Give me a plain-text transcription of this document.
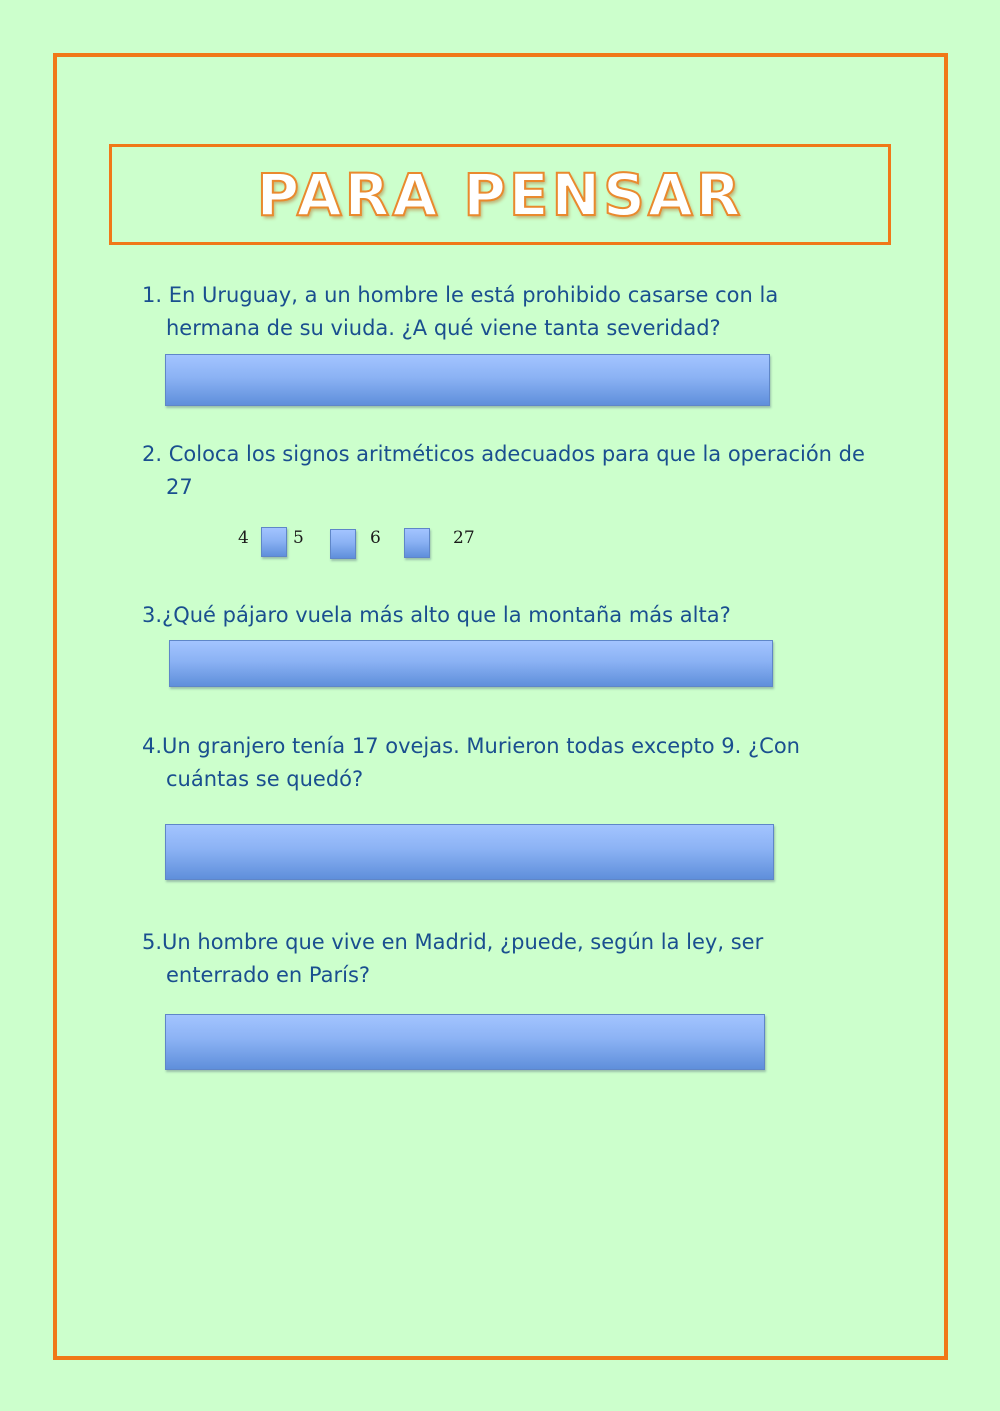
PARA PENSAR
1. En Uruguay, a un hombre le está prohibido casarse con la
hermana de su viuda. ¿A qué viene tanta severidad?
2. Coloca los signos aritméticos adecuados para que la operación de
27
4	5	6	27
3.¿Qué pájaro vuela más alto que la montaña más alta?
4.Un granjero tenía 17 ovejas. Murieron todas excepto 9. ¿Con
cuántas se quedó?
5.Un hombre que vive en Madrid, ¿puede, según la ley, ser
enterrado en París?
